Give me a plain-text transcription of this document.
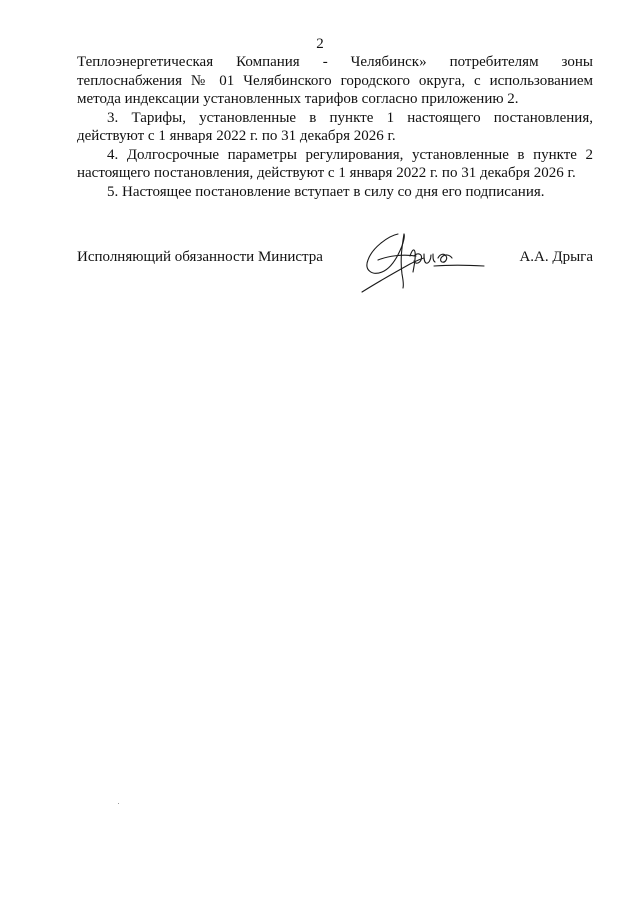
2

Теплоэнергетическая Компания - Челябинск» потребителям зоны
теплоснабжения № 01 Челябинского городского округа, с использованием
метода индексации установленных тарифов согласно приложению 2.

3. Тарифы, установленные в пункте 1 настоящего постановления,
действуют с 1 января 2022 г. по 31 декабря 2026 г.

4. Долгосрочные параметры регулирования, установленные в пункте 2
настоящего постановления, действуют с 1 января 2022 г. по 31 декабря 2026 г.

5. Настоящее постановление вступает в силу со дня его подписания.

Исполняющий обязанности Министра	А.А. Дрыга
